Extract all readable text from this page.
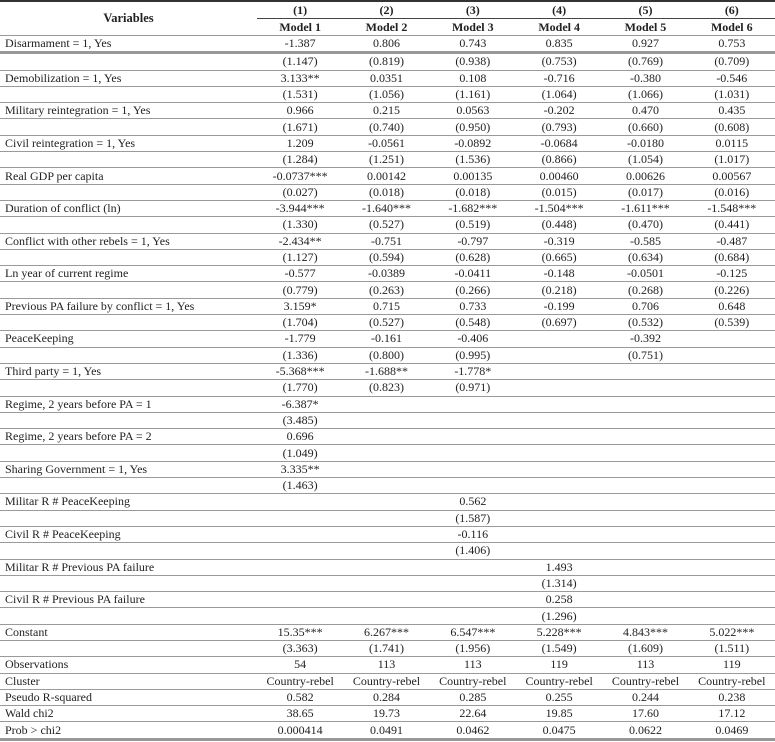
Variables	(1)	(2)	(3)	(4)	(5)	(6)
	Model 1	Model 2	Model 3	Model 4	Model 5	Model 6
Disarmament = 1, Yes	-1.387	0.806	0.743	0.835	0.927	0.753
	(1.147)	(0.819)	(0.938)	(0.753)	(0.769)	(0.709)
Demobilization = 1, Yes	3.133**	0.0351	0.108	-0.716	-0.380	-0.546
	(1.531)	(1.056)	(1.161)	(1.064)	(1.066)	(1.031)
Military reintegration = 1, Yes	0.966	0.215	0.0563	-0.202	0.470	0.435
	(1.671)	(0.740)	(0.950)	(0.793)	(0.660)	(0.608)
Civil reintegration = 1, Yes	1.209	-0.0561	-0.0892	-0.0684	-0.0180	0.0115
	(1.284)	(1.251)	(1.536)	(0.866)	(1.054)	(1.017)
Real GDP per capita	-0.0737***	0.00142	0.00135	0.00460	0.00626	0.00567
	(0.027)	(0.018)	(0.018)	(0.015)	(0.017)	(0.016)
Duration of conflict (ln)	-3.944***	-1.640***	-1.682***	-1.504***	-1.611***	-1.548***
	(1.330)	(0.527)	(0.519)	(0.448)	(0.470)	(0.441)
Conflict with other rebels = 1, Yes	-2.434**	-0.751	-0.797	-0.319	-0.585	-0.487
	(1.127)	(0.594)	(0.628)	(0.665)	(0.634)	(0.684)
Ln year of current regime	-0.577	-0.0389	-0.0411	-0.148	-0.0501	-0.125
	(0.779)	(0.263)	(0.266)	(0.218)	(0.268)	(0.226)
Previous PA failure by conflict = 1, Yes	3.159*	0.715	0.733	-0.199	0.706	0.648
	(1.704)	(0.527)	(0.548)	(0.697)	(0.532)	(0.539)
PeaceKeeping	-1.779	-0.161	-0.406		-0.392	
	(1.336)	(0.800)	(0.995)		(0.751)	
Third party = 1, Yes	-5.368***	-1.688**	-1.778*			
	(1.770)	(0.823)	(0.971)			
Regime, 2 years before PA = 1	-6.387*					
	(3.485)					
Regime, 2 years before PA = 2	0.696					
	(1.049)					
Sharing Government = 1, Yes	3.335**					
	(1.463)					
Militar R # PeaceKeeping			0.562			
			(1.587)			
Civil R # PeaceKeeping			-0.116			
			(1.406)			
Militar R # Previous PA failure				1.493		
				(1.314)		
Civil R # Previous PA failure				0.258		
				(1.296)		
Constant	15.35***	6.267***	6.547***	5.228***	4.843***	5.022***
	(3.363)	(1.741)	(1.956)	(1.549)	(1.609)	(1.511)
Observations	54	113	113	119	113	119
Cluster	Country-rebel	Country-rebel	Country-rebel	Country-rebel	Country-rebel	Country-rebel
Pseudo R-squared	0.582	0.284	0.285	0.255	0.244	0.238
Wald chi2	38.65	19.73	22.64	19.85	17.60	17.12
Prob > chi2	0.000414	0.0491	0.0462	0.0475	0.0622	0.0469
